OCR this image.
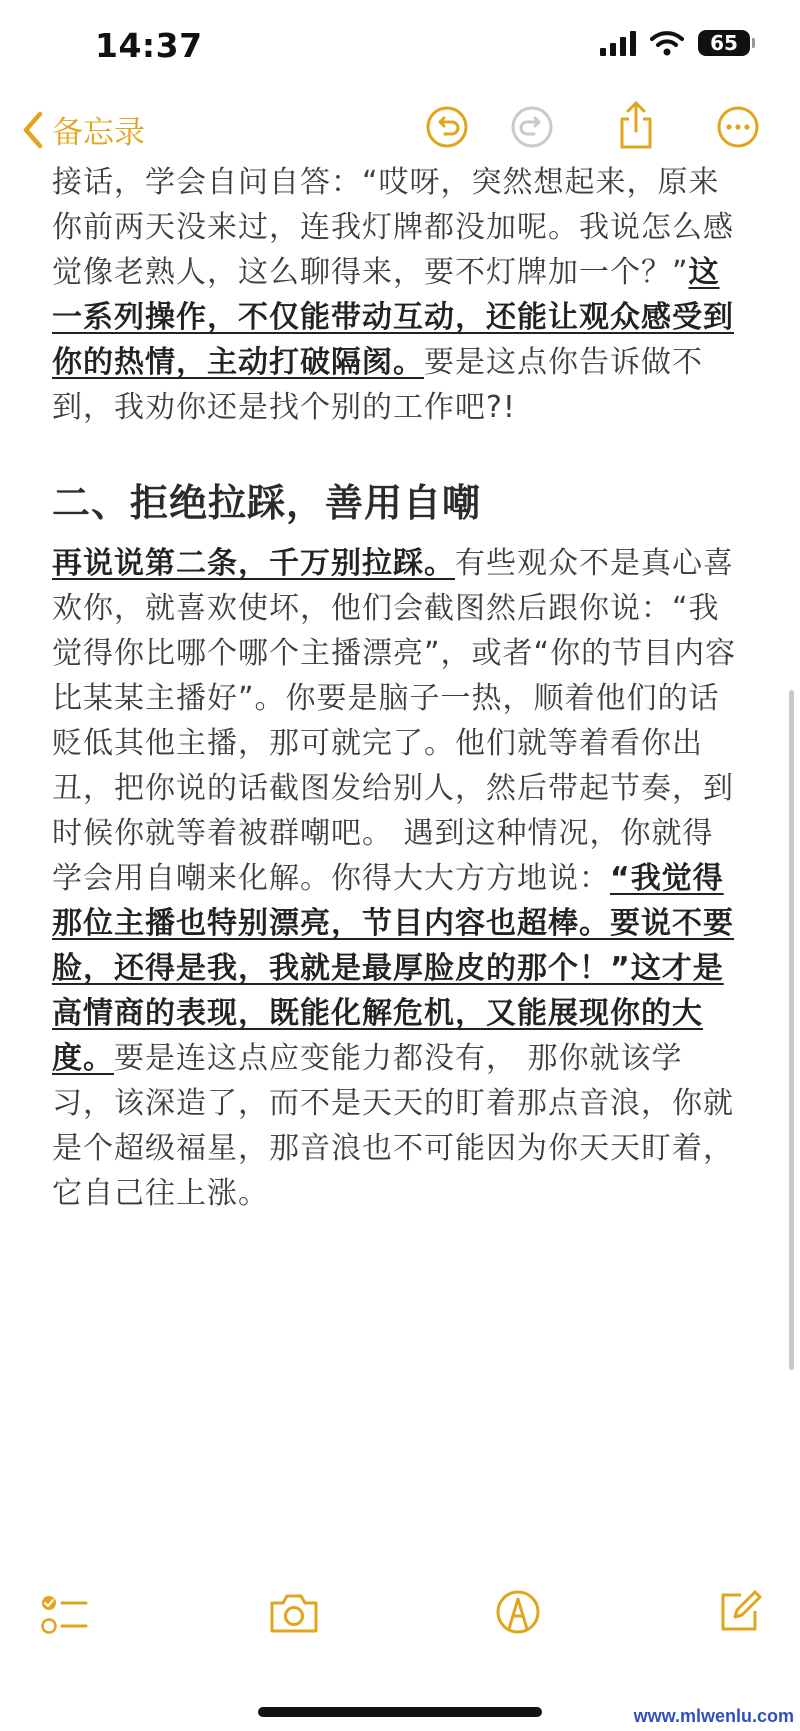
14:37	65
备忘录

接话，学会自问自答：“哎呀，突然想起来，原来你前两天没来过，连我灯牌都没加呢。我说怎么感觉像老熟人，这么聊得来，要不灯牌加一个？”这一系列操作，不仅能带动互动，还能让观众感受到你的热情，主动打破隔阂。要是这点你告诉做不到，我劝你还是找个别的工作吧?!

二、拒绝拉踩，善用自嘲

再说说第二条，千万别拉踩。有些观众不是真心喜欢你，就喜欢使坏，他们会截图然后跟你说：“我觉得你比哪个哪个主播漂亮”，或者“你的节目内容比某某主播好”。你要是脑子一热，顺着他们的话贬低其他主播，那可就完了。他们就等着看你出丑，把你说的话截图发给别人，然后带起节奏，到时候你就等着被群嘲吧。 遇到这种情况，你就得学会用自嘲来化解。你得大大方方地说：“我觉得那位主播也特别漂亮，节目内容也超棒。要说不要脸，还得是我，我就是最厚脸皮的那个！”这才是高情商的表现，既能化解危机，又能展现你的大度。要是连这点应变能力都没有， 那你就该学习，该深造了，而不是天天的盯着那点音浪，你就是个超级福星，那音浪也不可能因为你天天盯着，它自己往上涨。

www.mlwenlu.com
